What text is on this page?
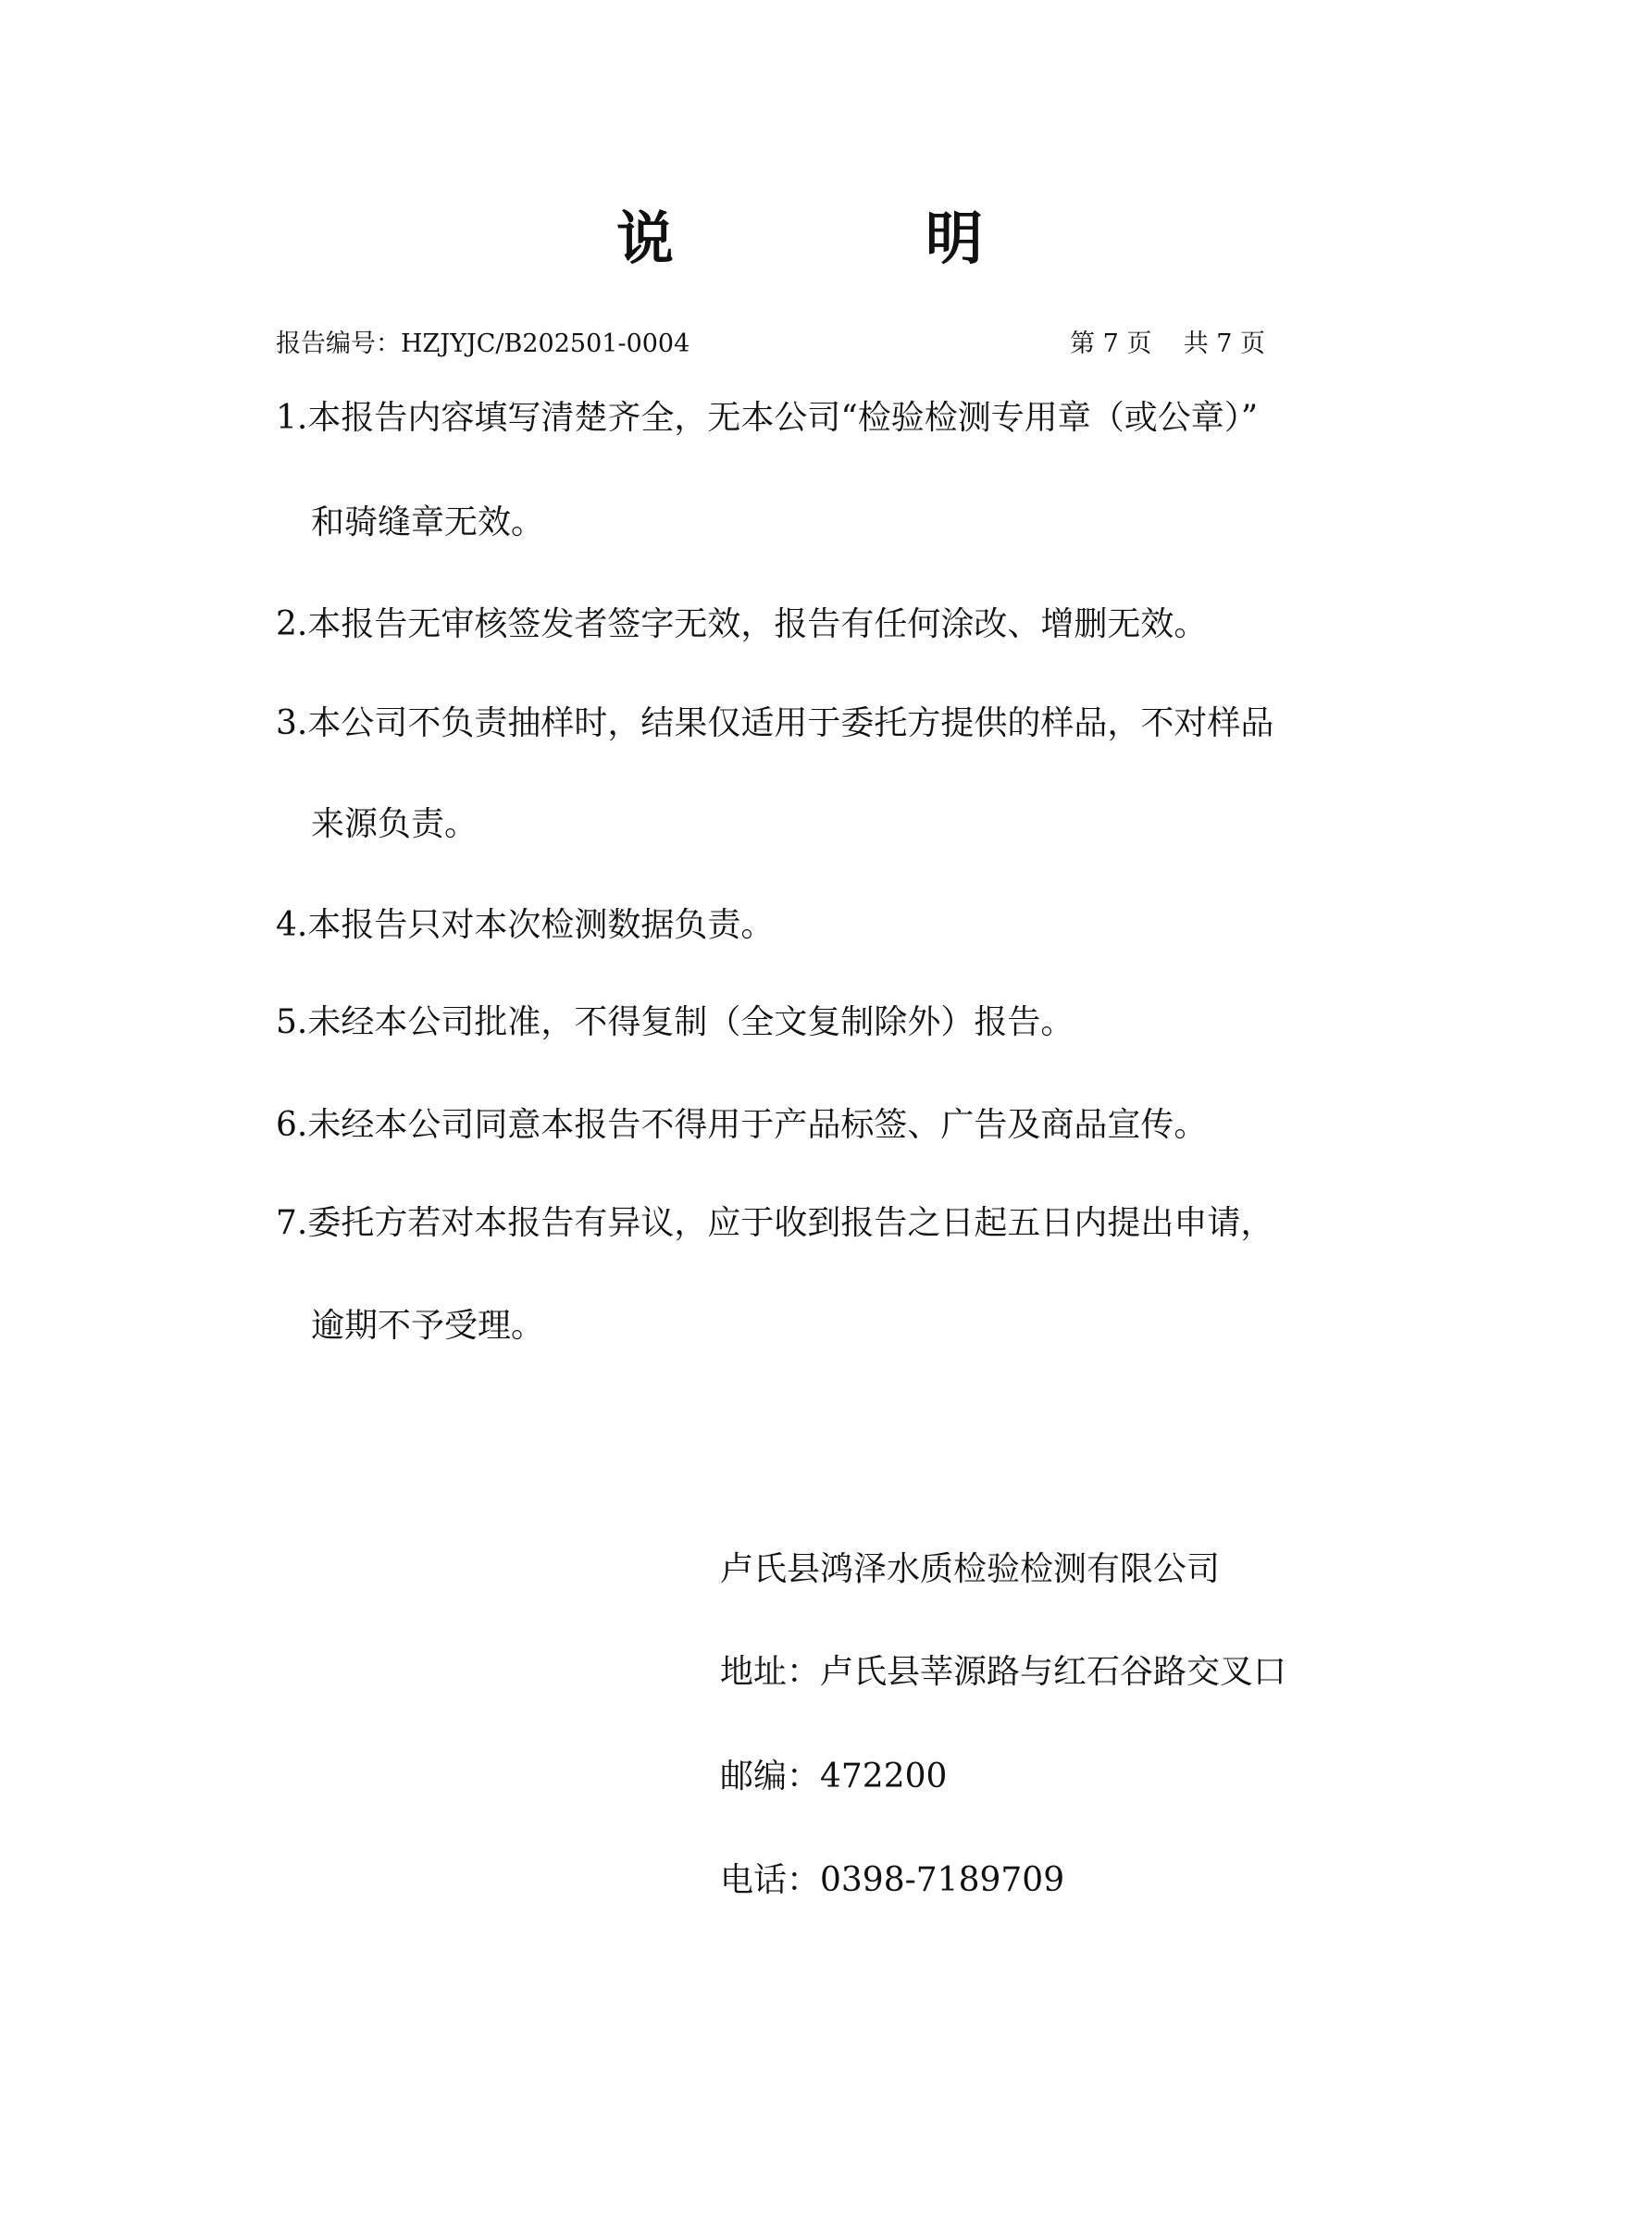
说	明
报告编号：HZJYJC/B202501-0004	第 7 页 共 7 页
1.本报告内容填写清楚齐全，无本公司“检验检测专用章（或公章）”
和骑缝章无效。
2.本报告无审核签发者签字无效，报告有任何涂改、增删无效。
3.本公司不负责抽样时，结果仅适用于委托方提供的样品，不对样品
来源负责。
4.本报告只对本次检测数据负责。
5.未经本公司批准，不得复制（全文复制除外）报告。
6.未经本公司同意本报告不得用于产品标签、广告及商品宣传。
7.委托方若对本报告有异议，应于收到报告之日起五日内提出申请，
逾期不予受理。
卢氏县鸿泽水质检验检测有限公司
地址：卢氏县莘源路与红石谷路交叉口
邮编：472200
电话：0398-7189709
